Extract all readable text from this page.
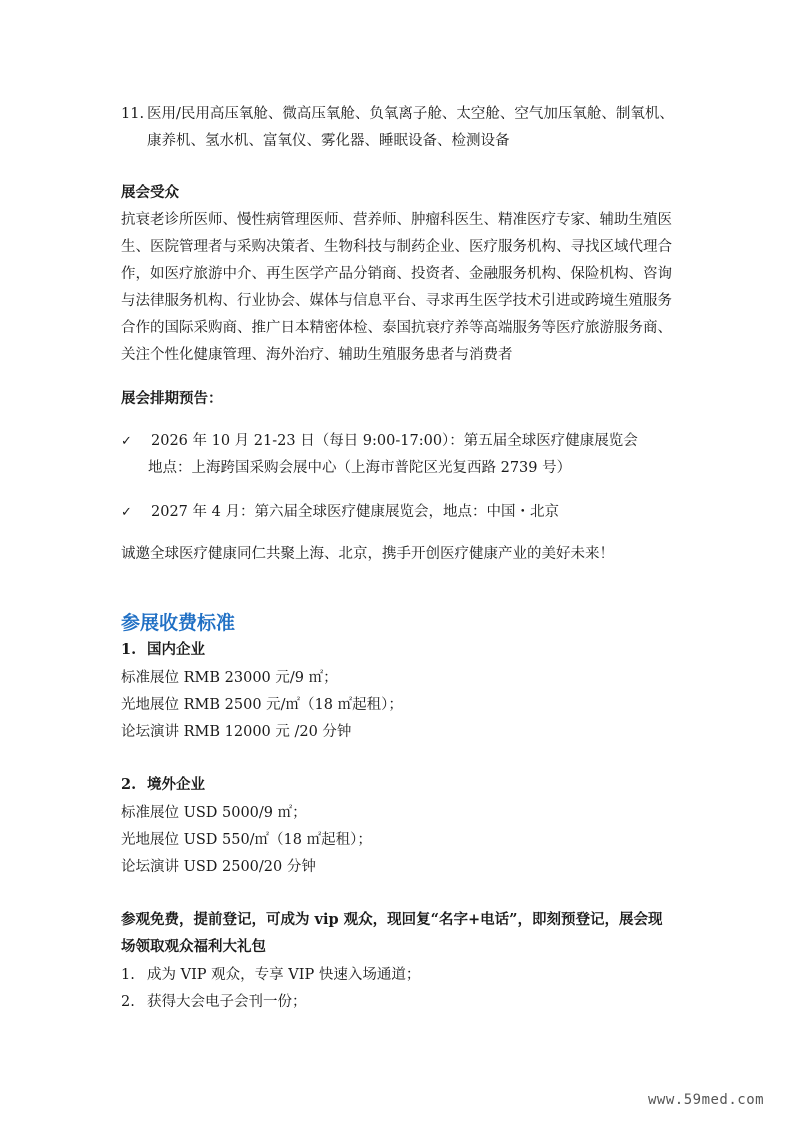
11. 医用/民用高压氧舱、微高压氧舱、负氧离子舱、太空舱、空气加压氧舱、制氧机、
康养机、氢水机、富氧仪、雾化器、睡眠设备、检测设备
展会受众
抗衰老诊所医师、慢性病管理医师、营养师、肿瘤科医生、精准医疗专家、辅助生殖医
生、医院管理者与采购决策者、生物科技与制药企业、医疗服务机构、寻找区域代理合
作，如医疗旅游中介、再生医学产品分销商、投资者、金融服务机构、保险机构、咨询
与法律服务机构、行业协会、媒体与信息平台、寻求再生医学技术引进或跨境生殖服务
合作的国际采购商、推广日本精密体检、泰国抗衰疗养等高端服务等医疗旅游服务商、
关注个性化健康管理、海外治疗、辅助生殖服务患者与消费者
展会排期预告：
✓ 2026 年 10 月 21-23 日（每日 9:00-17:00）：第五届全球医疗健康展览会
地点：上海跨国采购会展中心（上海市普陀区光复西路 2739 号）
✓ 2027 年 4 月：第六届全球医疗健康展览会，地点：中国・北京
诚邀全球医疗健康同仁共聚上海、北京，携手开创医疗健康产业的美好未来！
参展收费标准
1. 国内企业
标准展位 RMB 23000 元/9 ㎡；
光地展位 RMB 2500 元/㎡（18 ㎡起租）；
论坛演讲 RMB 12000 元 /20 分钟
2. 境外企业
标准展位 USD 5000/9 ㎡；
光地展位 USD 550/㎡（18 ㎡起租）；
论坛演讲 USD 2500/20 分钟
参观免费，提前登记，可成为 vip 观众，现回复“名字+电话”，即刻预登记，展会现
场领取观众福利大礼包
1. 成为 VIP 观众，专享 VIP 快速入场通道；
2. 获得大会电子会刊一份；
www.59med.com
